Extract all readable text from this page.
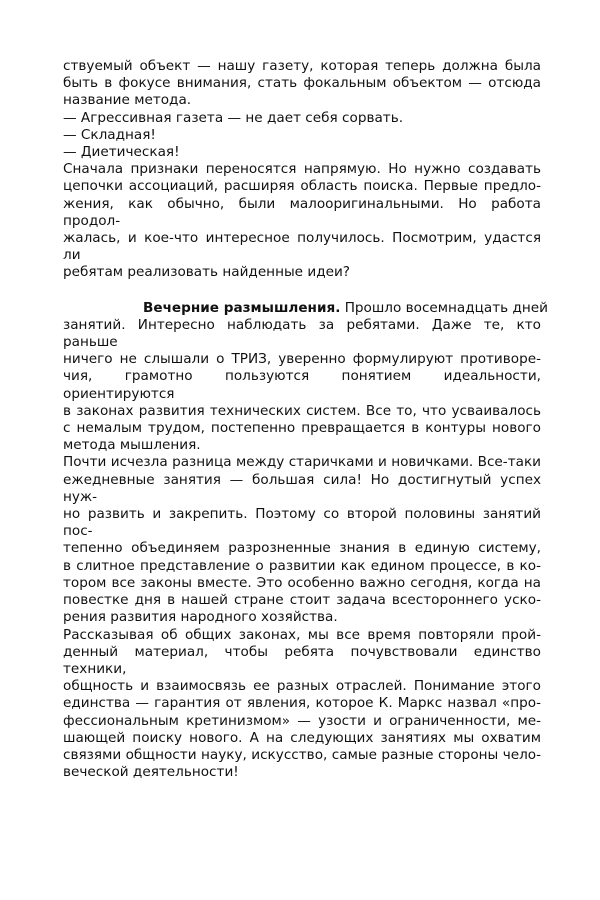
ствуемый объект — нашу газету, которая теперь должна была
быть в фокусе внимания, стать фокальным объектом — отсюда
название метода.
— Агрессивная газета — не дает себя сорвать.
— Складная!
— Диетическая!
Сначала признаки переносятся напрямую. Но нужно создавать
цепочки ассоциаций, расширяя область поиска. Первые предло-
жения, как обычно, были малооригинальными. Но работа продол-
жалась, и кое-что интересное получилось. Посмотрим, удастся ли
ребятам реализовать найденные идеи?
Вечерние размышления. Прошло восемнадцать дней
занятий. Интересно наблюдать за ребятами. Даже те, кто раньше
ничего не слышали о ТРИЗ, уверенно формулируют противоре-
чия, грамотно пользуются понятием идеальности, ориентируются
в законах развития технических систем. Все то, что усваивалось
с немалым трудом, постепенно превращается в контуры нового
метода мышления.
Почти исчезла разница между старичками и новичками. Все-таки
ежедневные занятия — большая сила! Но достигнутый успех нуж-
но развить и закрепить. Поэтому со второй половины занятий пос-
тепенно объединяем разрозненные знания в единую систему,
в слитное представление о развитии как едином процессе, в ко-
тором все законы вместе. Это особенно важно сегодня, когда на
повестке дня в нашей стране стоит задача всестороннего уско-
рения развития народного хозяйства.
Рассказывая об общих законах, мы все время повторяли прой-
денный материал, чтобы ребята почувствовали единство техники,
общность и взаимосвязь ее разных отраслей. Понимание этого
единства — гарантия от явления, которое К. Маркс назвал «про-
фессиональным кретинизмом» — узости и ограниченности, ме-
шающей поиску нового. А на следующих занятиях мы охватим
связями общности науку, искусство, самые разные стороны чело-
веческой деятельности!
